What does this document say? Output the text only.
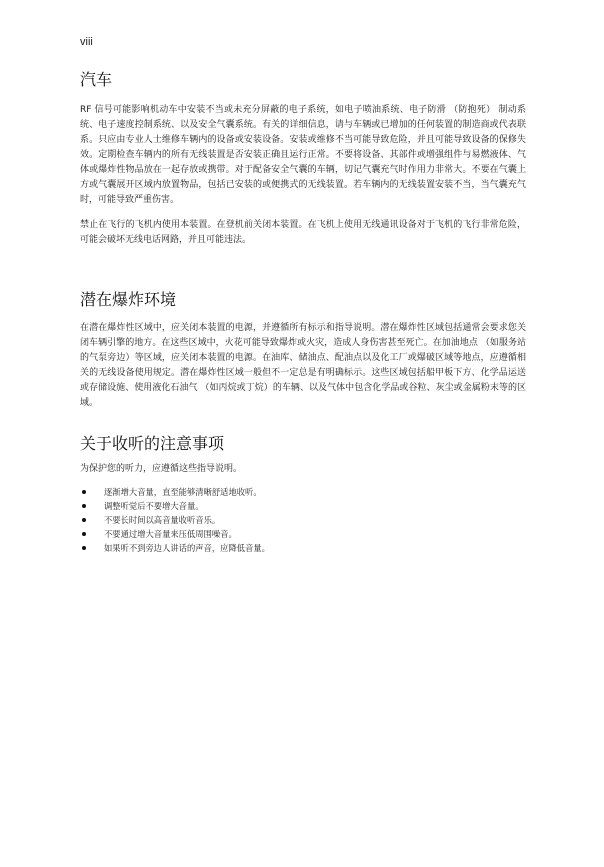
viii
汽车

RF 信号可能影响机动车中安装不当或未充分屏蔽的电子系统，如电子喷油系统、电子防滑 （防抱死） 制动系统、电子速度控制系统、以及安全气囊系统。有关的详细信息，请与车辆或已增加的任何装置的制造商或代表联系。只应由专业人士维修车辆内的设备或安装设备。安装或维修不当可能导致危险，并且可能导致设备的保修失效。定期检查车辆内的所有无线装置是否安装正确且运行正常。不要将设备、其部件或增强组件与易燃液体、气体或爆炸性物品放在一起存放或携带。对于配备安全气囊的车辆，切记气囊充气时作用力非常大。不要在气囊上方或气囊展开区域内放置物品，包括已安装的或便携式的无线装置。若车辆内的无线装置安装不当，当气囊充气时，可能导致严重伤害。

禁止在飞行的飞机内使用本装置。在登机前关闭本装置。在飞机上使用无线通讯设备对于飞机的飞行非常危险，可能会破坏无线电话网路，并且可能违法。

潜在爆炸环境

在潜在爆炸性区域中，应关闭本装置的电源，并遵循所有标示和指导说明。潜在爆炸性区域包括通常会要求您关闭车辆引擎的地方。在这些区域中，火花可能导致爆炸或火灾，造成人身伤害甚至死亡。在加油地点 （如服务站的气泵旁边）等区域，应关闭本装置的电源。在油库、储油点、配油点以及化工厂或爆破区域等地点，应遵循相关的无线设备使用规定。潜在爆炸性区域一般但不一定总是有明确标示。这些区域包括船甲板下方、化学品运送或存储设施、使用液化石油气 （如丙烷或丁烷）的车辆、以及气体中包含化学品或谷粒、灰尘或金属粉末等的区域。

关于收听的注意事项

为保护您的听力，应遵循这些指导说明。

逐渐增大音量，直至能够清晰舒适地收听。
调整听觉后不要增大音量。
不要长时间以高音量收听音乐。
不要通过增大音量来压低周围噪音。
如果听不到旁边人讲话的声音，应降低音量。
